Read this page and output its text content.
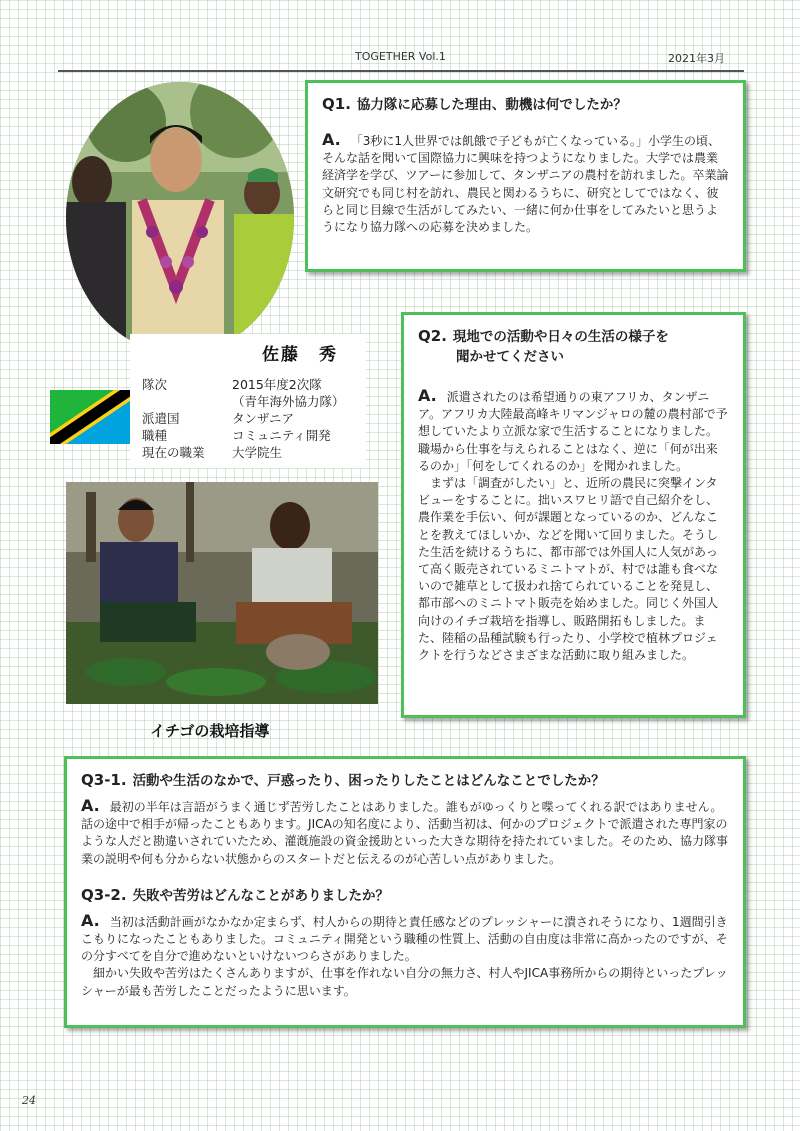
TOGETHER Vol.1	2021年3月
Q1. 協力隊に応募した理由、動機は何でしたか？
A. 「3秒に1人世界では飢餓で子どもが亡くなっている。」小学生の頃、そんな話を聞いて国際協力に興味を持つようになりました。大学では農業経済学を学び、ツアーに参加して、タンザニアの農村を訪れました。卒業論文研究でも同じ村を訪れ、農民と関わるうちに、研究としてではなく、彼らと同じ目線で生活がしてみたい、一緒に何か仕事をしてみたいと思うようになり協力隊への応募を決めました。
佐藤　秀
隊次	2015年度2次隊
（青年海外協力隊）
派遣国	タンザニア
職種	コミュニティ開発
現在の職業	大学院生
イチゴの栽培指導
Q2. 現地での活動や日々の生活の様子を
聞かせてください
A. 派遣されたのは希望通りの東アフリカ、タンザニア。アフリカ大陸最高峰キリマンジャロの麓の農村部で予想していたより立派な家で生活することになりました。職場から仕事を与えられることはなく、逆に「何が出来るのか」「何をしてくれるのか」を聞かれました。
まずは「調査がしたい」と、近所の農民に突撃インタビューをすることに。拙いスワヒリ語で自己紹介をし、農作業を手伝い、何が課題となっているのか、どんなことを教えてほしいか、などを聞いて回りました。そうした生活を続けるうちに、都市部では外国人に人気があって高く販売されているミニトマトが、村では誰も食べないので雑草として扱われ捨てられていることを発見し、都市部へのミニトマト販売を始めました。同じく外国人向けのイチゴ栽培を指導し、販路開拓もしました。また、陸稲の品種試験も行ったり、小学校で植林プロジェクトを行うなどさまざまな活動に取り組みました。
Q3-1. 活動や生活のなかで、戸惑ったり、困ったりしたことはどんなことでしたか？
A. 最初の半年は言語がうまく通じず苦労したことはありました。誰もがゆっくりと喋ってくれる訳ではありません。話の途中で相手が帰ったこともあります。JICAの知名度により、活動当初は、何かのプロジェクトで派遣された専門家のような人だと勘違いされていたため、灌漑施設の資金援助といった大きな期待を持たれていました。そのため、協力隊事業の説明や何も分からない状態からのスタートだと伝えるのが心苦しい点がありました。
Q3-2. 失敗や苦労はどんなことがありましたか？
A. 当初は活動計画がなかなか定まらず、村人からの期待と責任感などのプレッシャーに潰されそうになり、1週間引きこもりになったこともありました。コミュニティ開発という職種の性質上、活動の自由度は非常に高かったのですが、その分すべてを自分で進めないといけないつらさがありました。
細かい失敗や苦労はたくさんありますが、仕事を作れない自分の無力さ、村人やJICA事務所からの期待といったプレッシャーが最も苦労したことだったように思います。
24
